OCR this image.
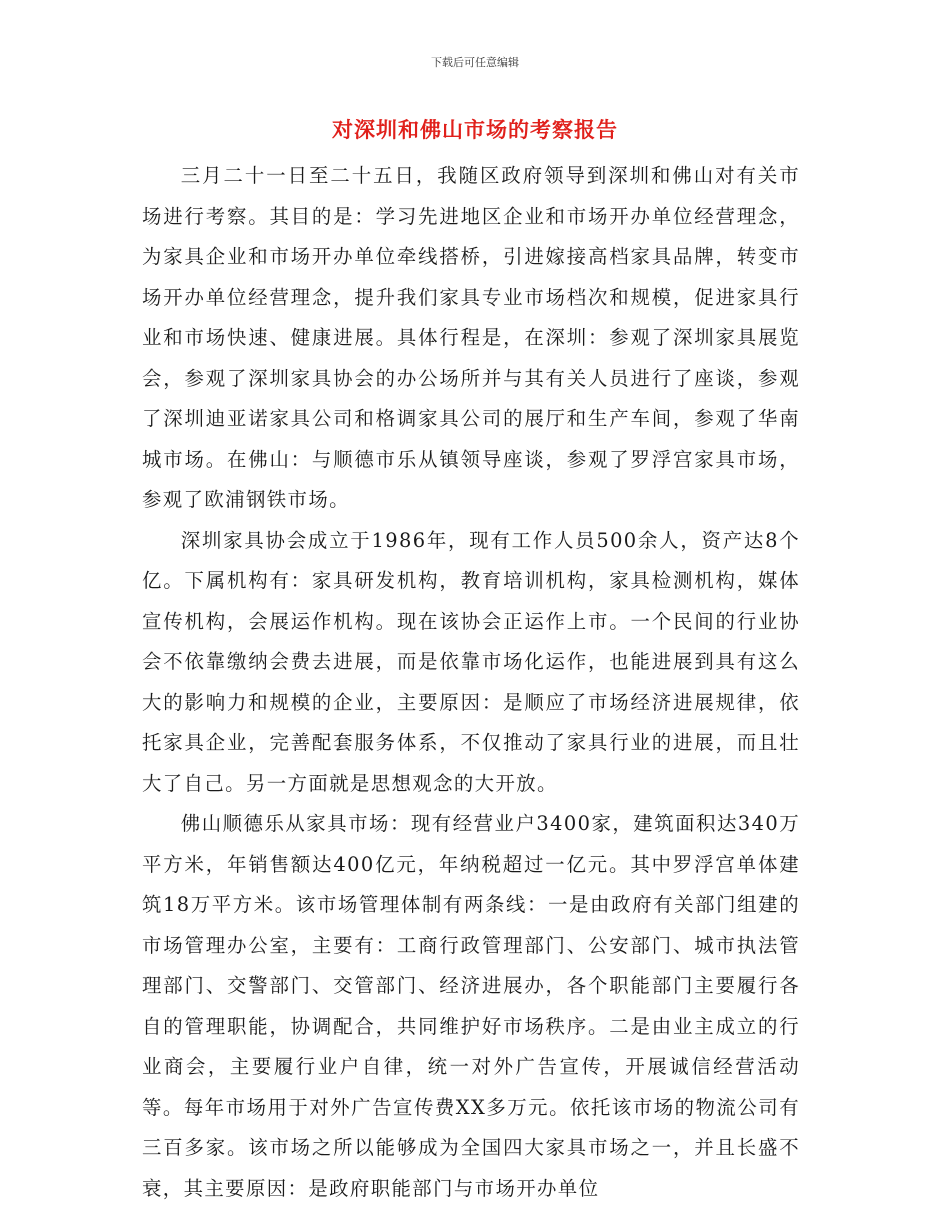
下载后可任意编辑
对深圳和佛山市场的考察报告

三月二十一日至二十五日，我随区政府领导到深圳和佛山对有关市场进行考察。其目的是：学习先进地区企业和市场开办单位经营理念，为家具企业和市场开办单位牵线搭桥，引进嫁接高档家具品牌，转变市场开办单位经营理念，提升我们家具专业市场档次和规模，促进家具行业和市场快速、健康进展。具体行程是，在深圳：参观了深圳家具展览会，参观了深圳家具协会的办公场所并与其有关人员进行了座谈，参观了深圳迪亚诺家具公司和格调家具公司的展厅和生产车间，参观了华南城市场。在佛山：与顺德市乐从镇领导座谈，参观了罗浮宫家具市场，参观了欧浦钢铁市场。

深圳家具协会成立于1986年，现有工作人员500余人，资产达8个亿。下属机构有：家具研发机构，教育培训机构，家具检测机构，媒体宣传机构，会展运作机构。现在该协会正运作上市。一个民间的行业协会不依靠缴纳会费去进展，而是依靠市场化运作，也能进展到具有这么大的影响力和规模的企业，主要原因：是顺应了市场经济进展规律，依托家具企业，完善配套服务体系，不仅推动了家具行业的进展，而且壮大了自己。另一方面就是思想观念的大开放。

佛山顺德乐从家具市场：现有经营业户3400家，建筑面积达340万平方米，年销售额达400亿元，年纳税超过一亿元。其中罗浮宫单体建筑18万平方米。该市场管理体制有两条线：一是由政府有关部门组建的市场管理办公室，主要有：工商行政管理部门、公安部门、城市执法管理部门、交警部门、交管部门、经济进展办，各个职能部门主要履行各自的管理职能，协调配合，共同维护好市场秩序。二是由业主成立的行业商会，主要履行业户自律，统一对外广告宣传，开展诚信经营活动等。每年市场用于对外广告宣传费XX多万元。依托该市场的物流公司有三百多家。该市场之所以能够成为全国四大家具市场之一，并且长盛不衰，其主要原因：是政府职能部门与市场开办单位
